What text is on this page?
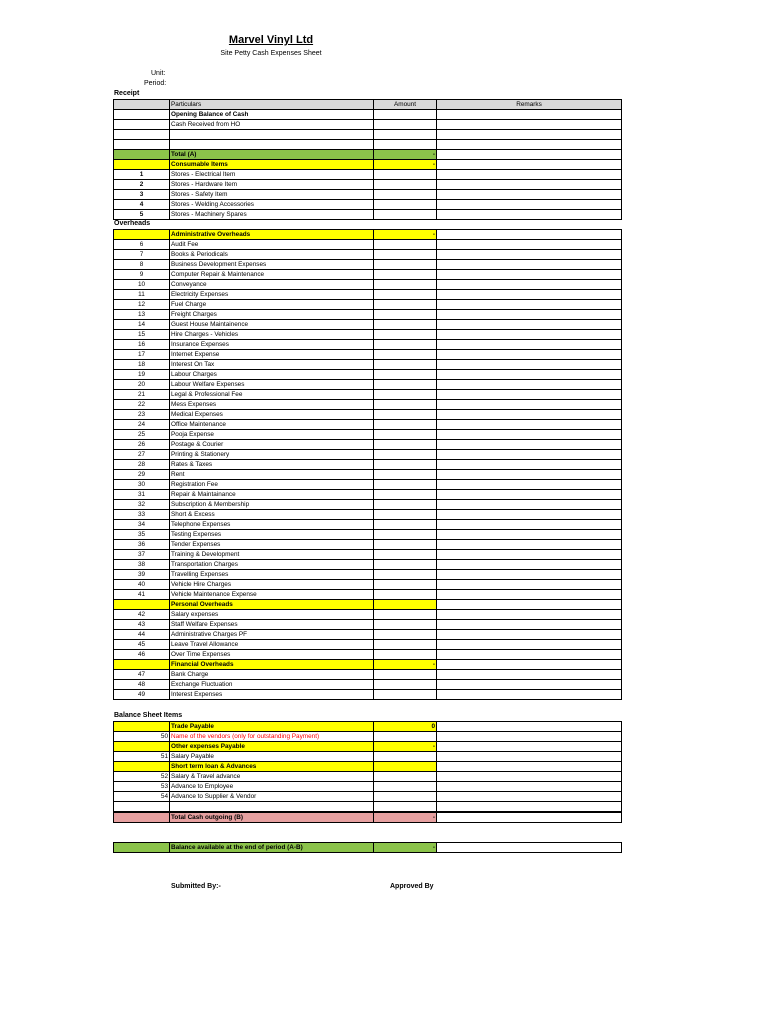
Marvel Vinyl Ltd
Site Petty Cash Expenses Sheet
Unit:
Period:
Receipt
	Particulars	Amount	Remarks
	Opening Balance of Cash		
	Cash Received from HO		

	Total (A)	-	
	Consumable Items	-	
1	Stores - Electrical Item		
2	Stores - Hardware Item		
3	Stores - Safety Item		
4	Stores - Welding Accessories		
5	Stores - Machinery Spares		
Overheads
	Administrative Overheads	-	
6	Audit Fee		
7	Books & Periodicals		
8	Business Development Expenses		
9	Computer Repair & Maintenance		
10	Conveyance		
11	Electricity Expenses		
12	Fuel Charge		
13	Freight Charges		
14	Guest House Maintainence		
15	Hire Charges - Vehicles		
16	Insurance Expenses		
17	Internet Expense		
18	Interest On Tax		
19	Labour Charges		
20	Labour Welfare Expenses		
21	Legal & Professional Fee		
22	Mess Expenses		
23	Medical Expenses		
24	Office Maintenance		
25	Pooja Expense		
26	Postage & Courier		
27	Printing & Stationery		
28	Rates & Taxes		
29	Rent		
30	Registration Fee		
31	Repair & Maintainance		
32	Subscription & Membership		
33	Short & Excess		
34	Telephone Expenses		
35	Testing Expenses		
36	Tender Expenses		
37	Training & Development		
38	Transportation Charges		
39	Travelling Expenses		
40	Vehicle Hire Charges		
41	Vehicle Maintenance Expense		
	Personal Overheads		
42	Salary expenses		
43	Staff Welfare Expenses		
44	Administrative Charges PF		
45	Leave Travel Allowance		
46	Over Time Expenses		
	Financial Overheads	-	
47	Bank Charge		
48	Exchange Fluctuation		
49	Interest Expenses		
Balance Sheet Items
	Trade Payable	0	
50	Name of the vendors (only for outstanding Payment)		
	Other expenses Payable	-	
51	Salary Payable		
	Short term loan & Advances		
52	Salary & Travel advance		
53	Advance to Employee		
54	Advance to Supplier & Vendor		

	Total Cash outgoing (B)	-	
	Balance available at the end of period (A-B)	-	
Submitted By:-	Approved By
